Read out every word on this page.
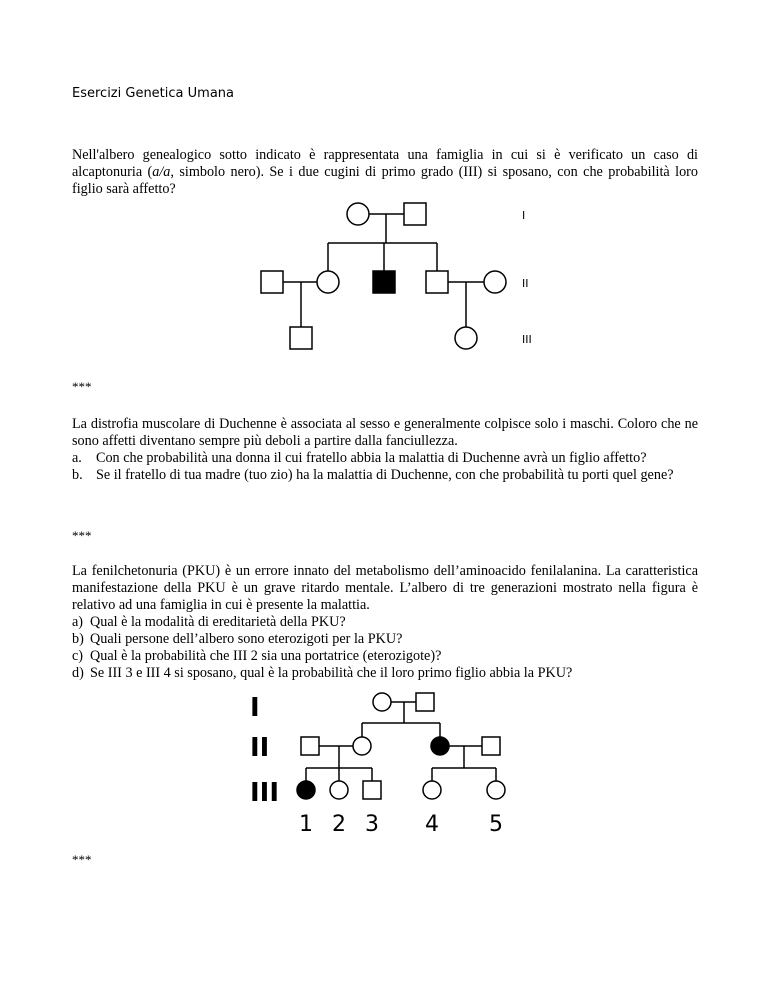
Esercizi Genetica Umana
Nell'albero genealogico sotto indicato è rappresentata una famiglia in cui si è verificato un caso di alcaptonuria (a/a, simbolo nero). Se i due cugini di primo grado (III) si sposano, con che probabilità loro figlio sarà affetto?
I
II
III
***
La distrofia muscolare di Duchenne è associata al sesso e generalmente colpisce solo i maschi. Coloro che ne sono affetti diventano sempre più deboli a partire dalla fanciullezza.
a. Con che probabilità una donna il cui fratello abbia la malattia di Duchenne avrà un figlio affetto?
b. Se il fratello di tua madre (tuo zio) ha la malattia di Duchenne, con che probabilità tu porti quel gene?
***
La fenilchetonuria (PKU) è un errore innato del metabolismo dell’aminoacido fenilalanina. La caratteristica manifestazione della PKU è un grave ritardo mentale. L’albero di tre generazioni mostrato nella figura è relativo ad una famiglia in cui è presente la malattia.
a) Qual è la modalità di ereditarietà della PKU?
b) Quali persone dell’albero sono eterozigoti per la PKU?
c) Qual è la probabilità che III 2 sia una portatrice (eterozigote)?
d) Se III 3 e III 4 si sposano, qual è la probabilità che il loro primo figlio abbia la PKU?
I
II
III
1 2 3 4 5
***
